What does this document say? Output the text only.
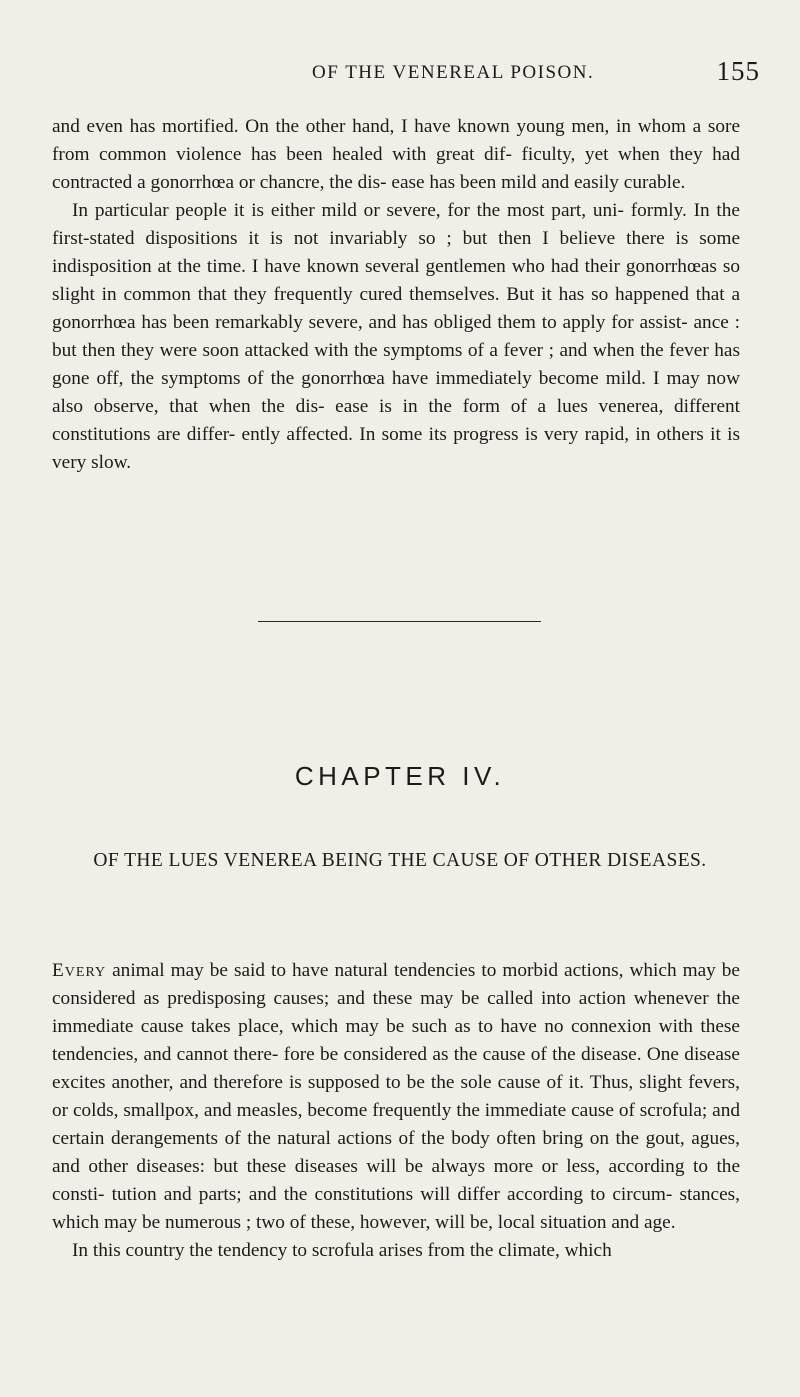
OF THE VENEREAL POISON.	155

and even has mortified. On the other hand, I have known young men, in whom a sore from common violence has been healed with great dif- ficulty, yet when they had contracted a gonorrhœa or chancre, the dis- ease has been mild and easily curable.

In particular people it is either mild or severe, for the most part, uni- formly. In the first-stated dispositions it is not invariably so ; but then I believe there is some indisposition at the time. I have known several gentlemen who had their gonorrhœas so slight in common that they frequently cured themselves. But it has so happened that a gonorrhœa has been remarkably severe, and has obliged them to apply for assist- ance : but then they were soon attacked with the symptoms of a fever ; and when the fever has gone off, the symptoms of the gonorrhœa have immediately become mild. I may now also observe, that when the dis- ease is in the form of a lues venerea, different constitutions are differ- ently affected. In some its progress is very rapid, in others it is very slow.

CHAPTER IV.
OF THE LUES VENEREA BEING THE CAUSE OF OTHER DISEASES.

Every animal may be said to have natural tendencies to morbid actions, which may be considered as predisposing causes; and these may be called into action whenever the immediate cause takes place, which may be such as to have no connexion with these tendencies, and cannot there- fore be considered as the cause of the disease. One disease excites another, and therefore is supposed to be the sole cause of it. Thus, slight fevers, or colds, smallpox, and measles, become frequently the immediate cause of scrofula; and certain derangements of the natural actions of the body often bring on the gout, agues, and other diseases: but these diseases will be always more or less, according to the consti- tution and parts; and the constitutions will differ according to circum- stances, which may be numerous ; two of these, however, will be, local situation and age.

In this country the tendency to scrofula arises from the climate, which
